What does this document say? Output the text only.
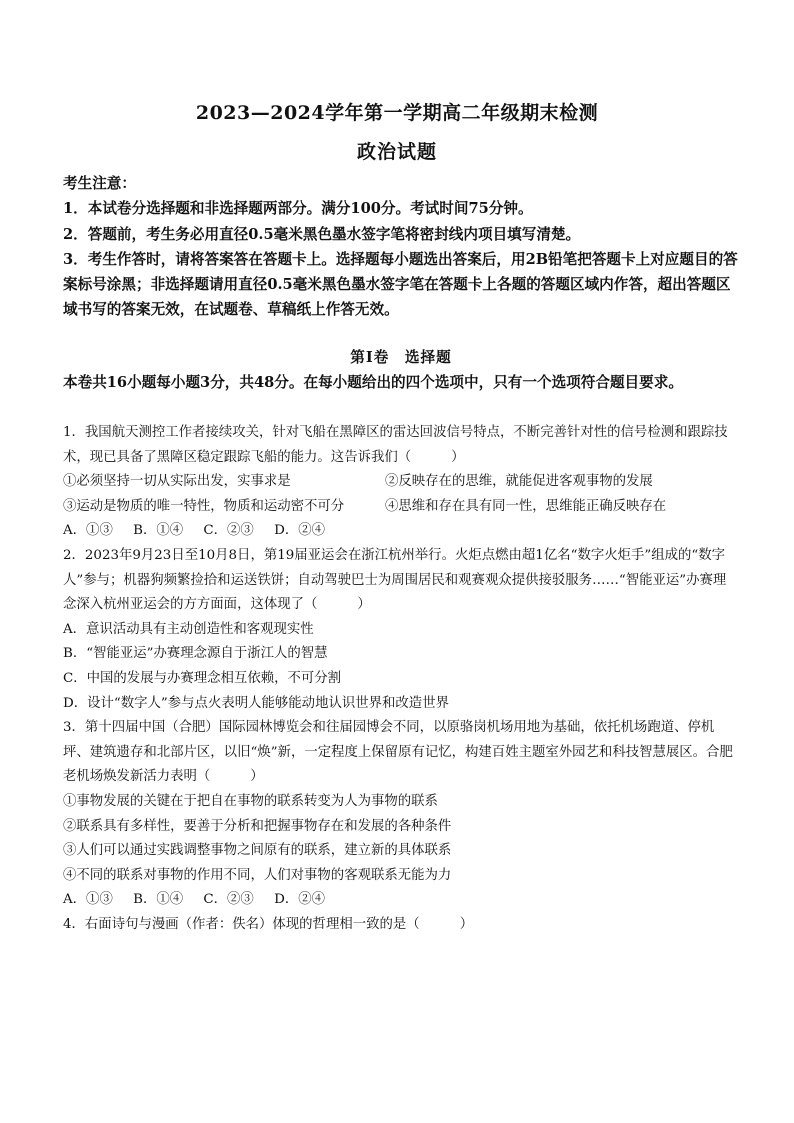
2023—2024学年第一学期高二年级期末检测
政治试题

考生注意：

1．本试卷分选择题和非选择题两部分。满分100分。考试时间75分钟。

2．答题前，考生务必用直径0.5毫米黑色墨水签字笔将密封线内项目填写清楚。

3．考生作答时，请将答案答在答题卡上。选择题每小题选出答案后，用2B铅笔把答题卡上对应题目的答案标号涂黑；非选择题请用直径0.5毫米黑色墨水签字笔在答题卡上各题的答题区域内作答，超出答题区域书写的答案无效，在试题卷、草稿纸上作答无效。

第Ⅰ卷　选择题

本卷共16小题每小题3分，共48分。在每小题给出的四个选项中，只有一个选项符合题目要求。

1．我国航天测控工作者接续攻关，针对飞船在黑障区的雷达回波信号特点，不断完善针对性的信号检测和跟踪技术，现已具备了黑障区稳定跟踪飞船的能力。这告诉我们（	）

①必须坚持一切从实际出发，实事求是	②反映存在的思维，就能促进客观事物的发展
③运动是物质的唯一特性，物质和运动密不可分	④思维和存在具有同一性，思维能正确反映存在

A．①③ B．①④ C．②③ D．②④

2．2023年9月23日至10月8日，第19届亚运会在浙江杭州举行。火炬点燃由超1亿名“数字火炬手”组成的“数字人”参与；机器狗频繁捡拾和运送铁饼；自动驾驶巴士为周围居民和观赛观众提供接驳服务……“智能亚运”办赛理念深入杭州亚运会的方方面面，这体现了（	）

A．意识活动具有主动创造性和客观现实性

B．“智能亚运”办赛理念源自于浙江人的智慧

C．中国的发展与办赛理念相互依赖，不可分割

D．设计“数字人”参与点火表明人能够能动地认识世界和改造世界

3．第十四届中国（合肥）国际园林博览会和往届园博会不同，以原骆岗机场用地为基础，依托机场跑道、停机坪、建筑遗存和北部片区，以旧“焕”新，一定程度上保留原有记忆，构建百姓主题室外园艺和科技智慧展区。合肥老机场焕发新活力表明（	）

①事物发展的关键在于把自在事物的联系转变为人为事物的联系

②联系具有多样性，要善于分析和把握事物存在和发展的各种条件

③人们可以通过实践调整事物之间原有的联系，建立新的具体联系

④不同的联系对事物的作用不同，人们对事物的客观联系无能为力

A．①③ B．①④ C．②③ D．②④

4．右面诗句与漫画（作者：佚名）体现的哲理相一致的是（	）
